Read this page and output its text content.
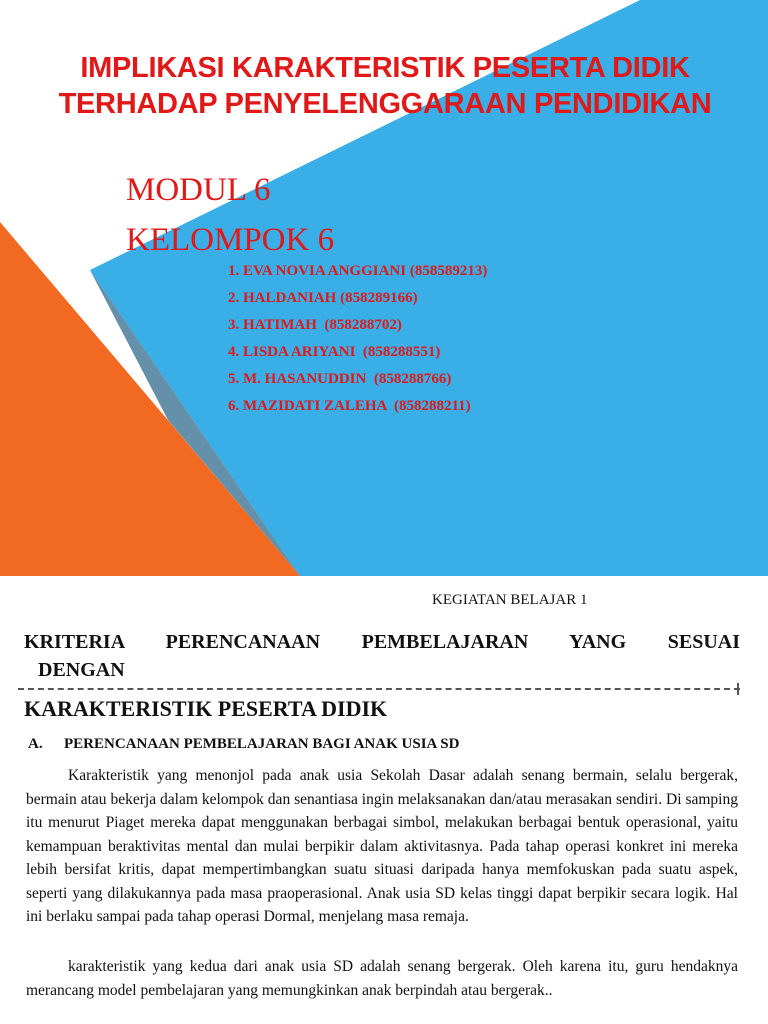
IMPLIKASI KARAKTERISTIK PESERTA DIDIK
TERHADAP PENYELENGGARAAN PENDIDIKAN
MODUL 6
KELOMPOK 6
1. EVA NOVIA ANGGIANI (858589213)
2. HALDANIAH (858289166)
3. HATIMAH  (858288702)
4. LISDA ARIYANI  (858288551)
5. M. HASANUDDIN  (858288766)
6. MAZIDATI ZALEHA  (858288211)
KEGIATAN BELAJAR 1
KRITERIA PERENCANAAN PEMBELAJARAN YANG SESUAI
DENGAN
KARAKTERISTIK PESERTA DIDIK
A. PERENCANAAN PEMBELAJARAN BAGI ANAK USIA SD

Karakteristik yang menonjol pada anak usia Sekolah Dasar adalah senang bermain, selalu bergerak, bermain atau bekerja dalam kelompok dan senantiasa ingin melaksanakan dan/atau merasakan sendiri. Di samping itu menurut Piaget mereka dapat menggunakan berbagai simbol, melakukan berbagai bentuk operasional, yaitu kemampuan beraktivitas mental dan mulai berpikir dalam aktivitasnya. Pada tahap operasi konkret ini mereka lebih bersifat kritis, dapat mempertimbangkan suatu situasi daripada hanya memfokuskan pada suatu aspek, seperti yang dilakukannya pada masa praoperasional. Anak usia SD kelas tinggi dapat berpikir secara logik. Hal ini berlaku sampai pada tahap operasi Dormal, menjelang masa remaja.

karakteristik yang kedua dari anak usia SD adalah senang bergerak. Oleh karena itu, guru hendaknya merancang model pembelajaran yang memungkinkan anak berpindah atau bergerak..
